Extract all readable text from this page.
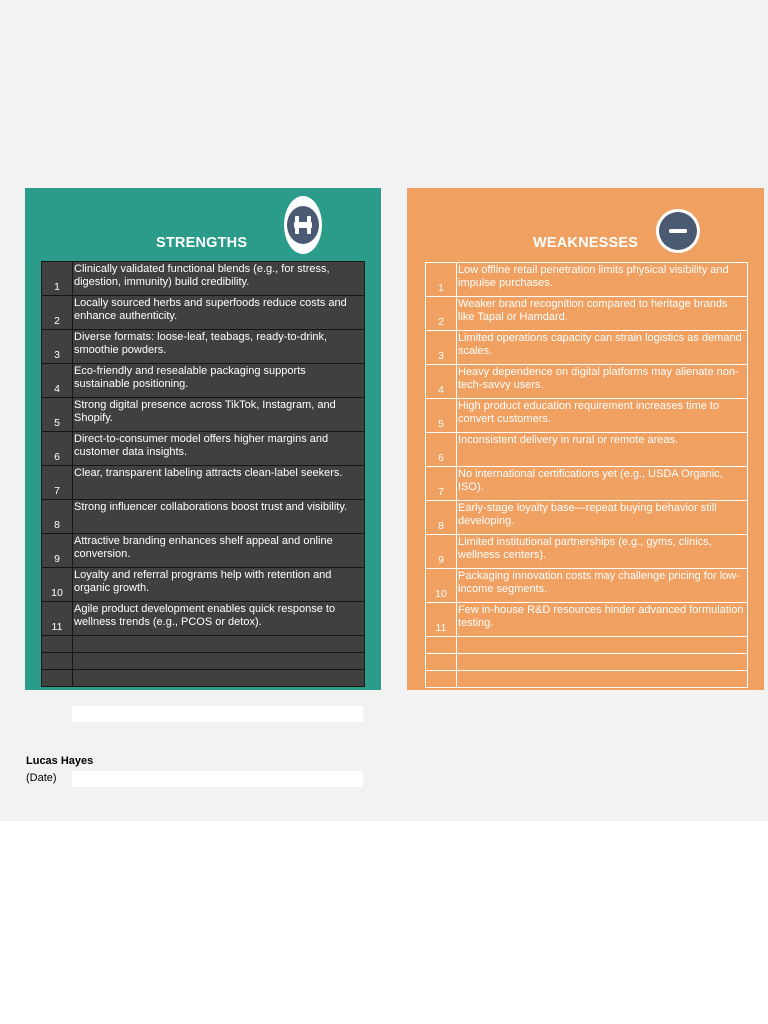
STRENGTHS
1	Clinically validated functional blends (e.g., for stress, digestion, immunity) build credibility.
2	Locally sourced herbs and superfoods reduce costs and enhance authenticity.
3	Diverse formats: loose-leaf, teabags, ready-to-drink, smoothie powders.
4	Eco-friendly and resealable packaging supports sustainable positioning.
5	Strong digital presence across TikTok, Instagram, and Shopify.
6	Direct-to-consumer model offers higher margins and customer data insights.
7	Clear, transparent labeling attracts clean-label seekers.
8	Strong influencer collaborations boost trust and visibility.
9	Attractive branding enhances shelf appeal and online conversion.
10	Loyalty and referral programs help with retention and organic growth.
11	Agile product development enables quick response to wellness trends (e.g., PCOS or detox).

WEAKNESSES
1	Low offline retail penetration limits physical visibility and impulse purchases.
2	Weaker brand recognition compared to heritage brands like Tapal or Hamdard.
3	Limited operations capacity can strain logistics as demand scales.
4	Heavy dependence on digital platforms may alienate non-tech-savvy users.
5	High product education requirement increases time to convert customers.
6	Inconsistent delivery in rural or remote areas.
7	No international certifications yet (e.g., USDA Organic, ISO).
8	Early-stage loyalty base—repeat buying behavior still developing.
9	Limited institutional partnerships (e.g., gyms, clinics, wellness centers).
10	Packaging innovation costs may challenge pricing for low-income segments.
11	Few in-house R&D resources hinder advanced formulation testing.

Lucas Hayes
(Date)
